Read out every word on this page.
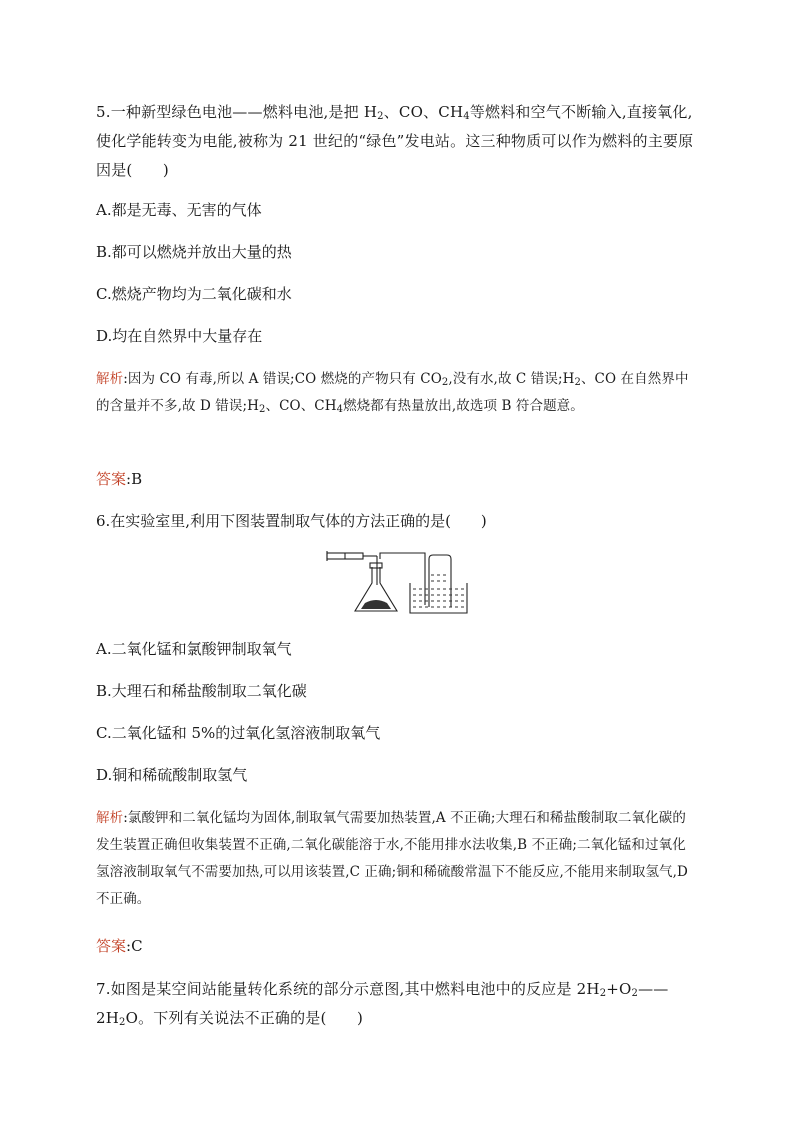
5.一种新型绿色电池——燃料电池,是把 $H_2$、CO、$CH_4$等燃料和空气不断输入,直接氧化,使化学能转变为电能,被称为 21 世纪的“绿色”发电站。这三种物质可以作为燃料的主要原因是(　　)
A.都是无毒、无害的气体
B.都可以燃烧并放出大量的热
C.燃烧产物均为二氧化碳和水
D.均在自然界中大量存在
解析:因为 CO 有毒,所以 A 错误;CO 燃烧的产物只有 $CO_2$,没有水,故 C 错误$;H_2$、CO 在自然界中的含量并不多,故 D 错误$;H_2$、CO、$CH_4$燃烧都有热量放出,故选项 B 符合题意。
答案:B
6.在实验室里,利用下图装置制取气体的方法正确的是(　　)
A.二氧化锰和氯酸钾制取氧气
B.大理石和稀盐酸制取二氧化碳
C.二氧化锰和 5%的过氧化氢溶液制取氧气
D.铜和稀硫酸制取氢气
解析:氯酸钾和二氧化锰均为固体,制取氧气需要加热装置,A 不正确;大理石和稀盐酸制取二氧化碳的发生装置正确但收集装置不正确,二氧化碳能溶于水,不能用排水法收集,B 不正确;二氧化锰和过氧化氢溶液制取氧气不需要加热,可以用该装置,C 正确;铜和稀硫酸常温下不能反应,不能用来制取氢气,D 不正确。
答案:C
7.如图是某空间站能量转化系统的部分示意图,其中燃料电池中的反应是 $2H_2+O_2——$
$2H_2O$。下列有关说法不正确的是(　　)
